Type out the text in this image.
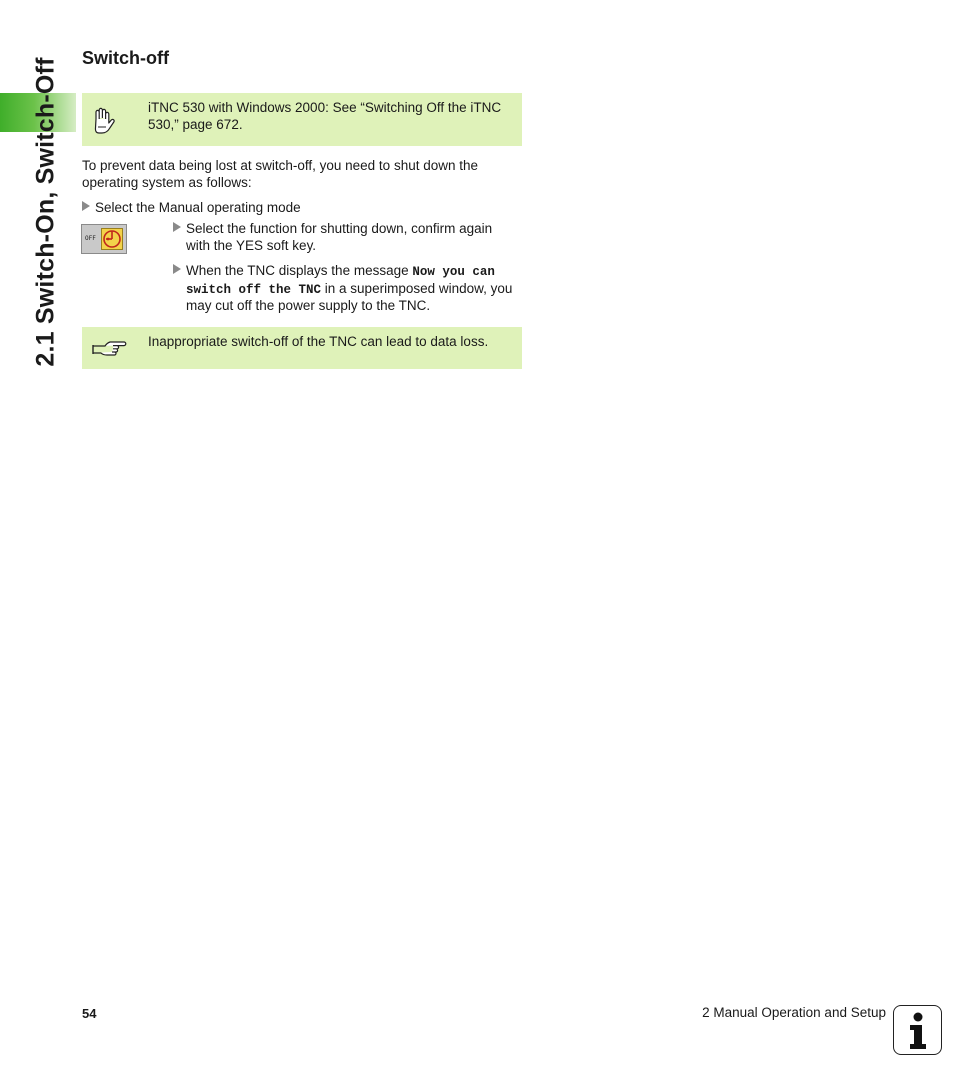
2.1 Switch-On, Switch-Off Switch-off
iTNC 530 with Windows 2000: See “Switching Off the iTNC 530,” page 672.
To prevent data being lost at switch-off, you need to shut down the operating system as follows:
Select the Manual operating mode
OFF
Select the function for shutting down, confirm again
with the YES soft key.
When the TNC displays the message Now you can
switch off the TNC in a superimposed window, you
may cut off the power supply to the TNC.
Inappropriate switch-off of the TNC can lead to data loss.
54	2 Manual Operation and Setup
